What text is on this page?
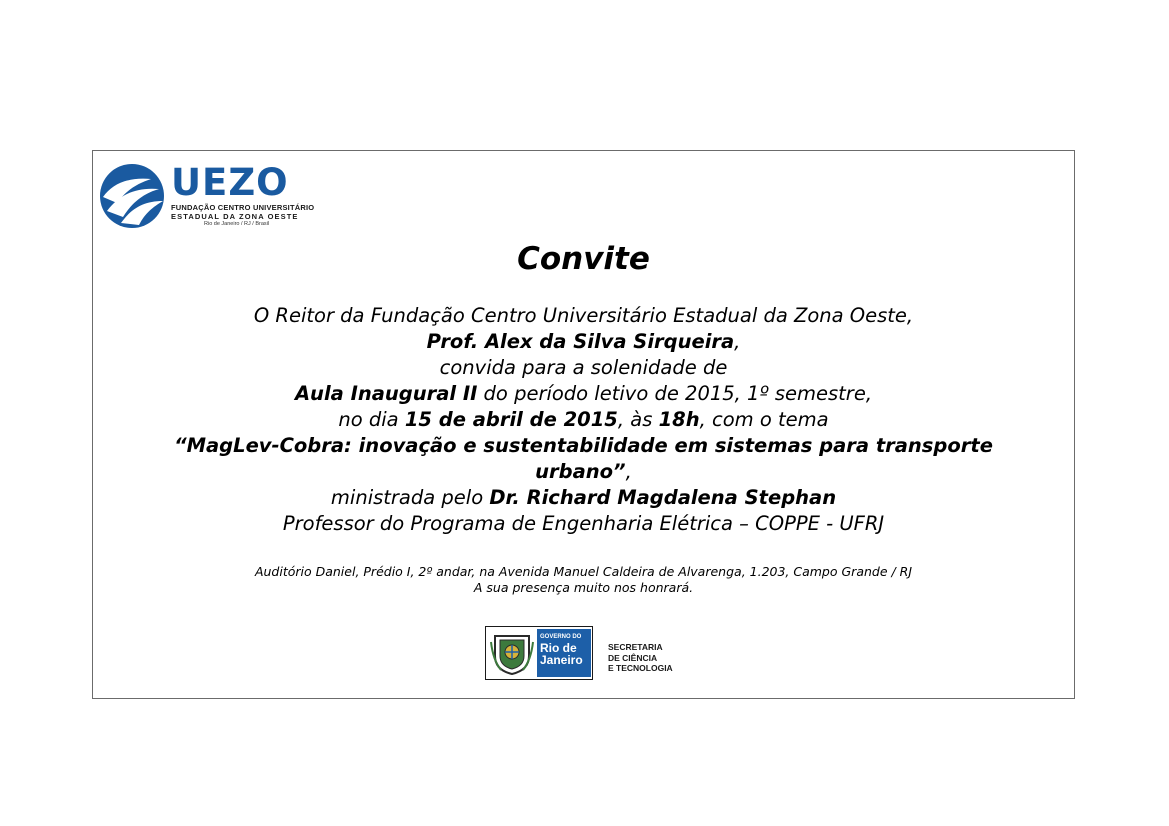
UEZO
FUNDAÇÃO CENTRO UNIVERSITÁRIO
ESTADUAL DA ZONA OESTE
Rio de Janeiro / RJ / Brasil
Convite
O Reitor da Fundação Centro Universitário Estadual da Zona Oeste,
Prof. Alex da Silva Sirqueira,
convida para a solenidade de
Aula Inaugural II do período letivo de 2015, 1º semestre,
no dia 15 de abril de 2015, às 18h, com o tema
“MagLev-Cobra: inovação e sustentabilidade em sistemas para transporte
urbano”,
ministrada pelo Dr. Richard Magdalena Stephan
Professor do Programa de Engenharia Elétrica – COPPE - UFRJ
Auditório Daniel, Prédio I, 2º andar, na Avenida Manuel Caldeira de Alvarenga, 1.203, Campo Grande / RJ
A sua presença muito nos honrará.
GOVERNO DO
Rio de
Janeiro
SECRETARIA
DE CIÊNCIA
E TECNOLOGIA
